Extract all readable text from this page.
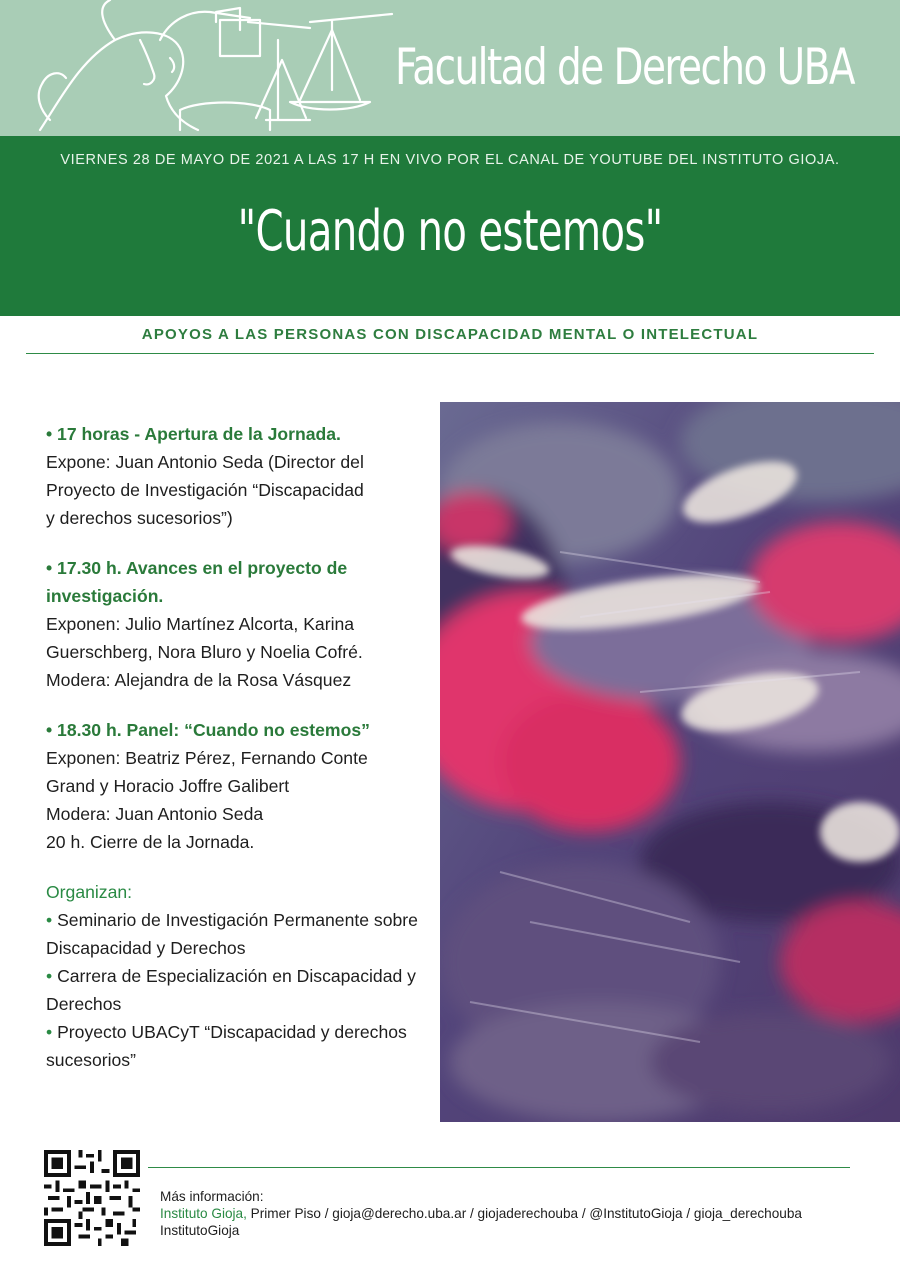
Facultad de Derecho UBA
VIERNES 28 DE MAYO DE 2021 A LAS 17 H EN VIVO POR EL CANAL DE YOUTUBE DEL INSTITUTO GIOJA.
"Cuando no estemos"
APOYOS A LAS PERSONAS CON DISCAPACIDAD MENTAL O INTELECTUAL

• 17 horas - Apertura de la Jornada.

Expone: Juan Antonio Seda (Director del

Proyecto de Investigación “Discapacidad

y derechos sucesorios”)

• 17.30 h. Avances en el proyecto de investigación.

Exponen: Julio Martínez Alcorta, Karina

Guerschberg, Nora Bluro y Noelia Cofré.

Modera: Alejandra de la Rosa Vásquez

• 18.30 h. Panel: “Cuando no estemos”

Exponen: Beatriz Pérez, Fernando Conte

Grand y Horacio Joffre Galibert

Modera: Juan Antonio Seda

20 h. Cierre de la Jornada.

Organizan:

• Seminario de Investigación Permanente sobre Discapacidad y Derechos

• Carrera de Especialización en Discapacidad y Derechos

• Proyecto UBACyT “Discapacidad y derechos sucesorios”

Más información:

Instituto Gioja, Primer Piso / gioja@derecho.uba.ar / giojaderechouba / @InstitutoGioja / gioja_derechouba

InstitutoGioja
